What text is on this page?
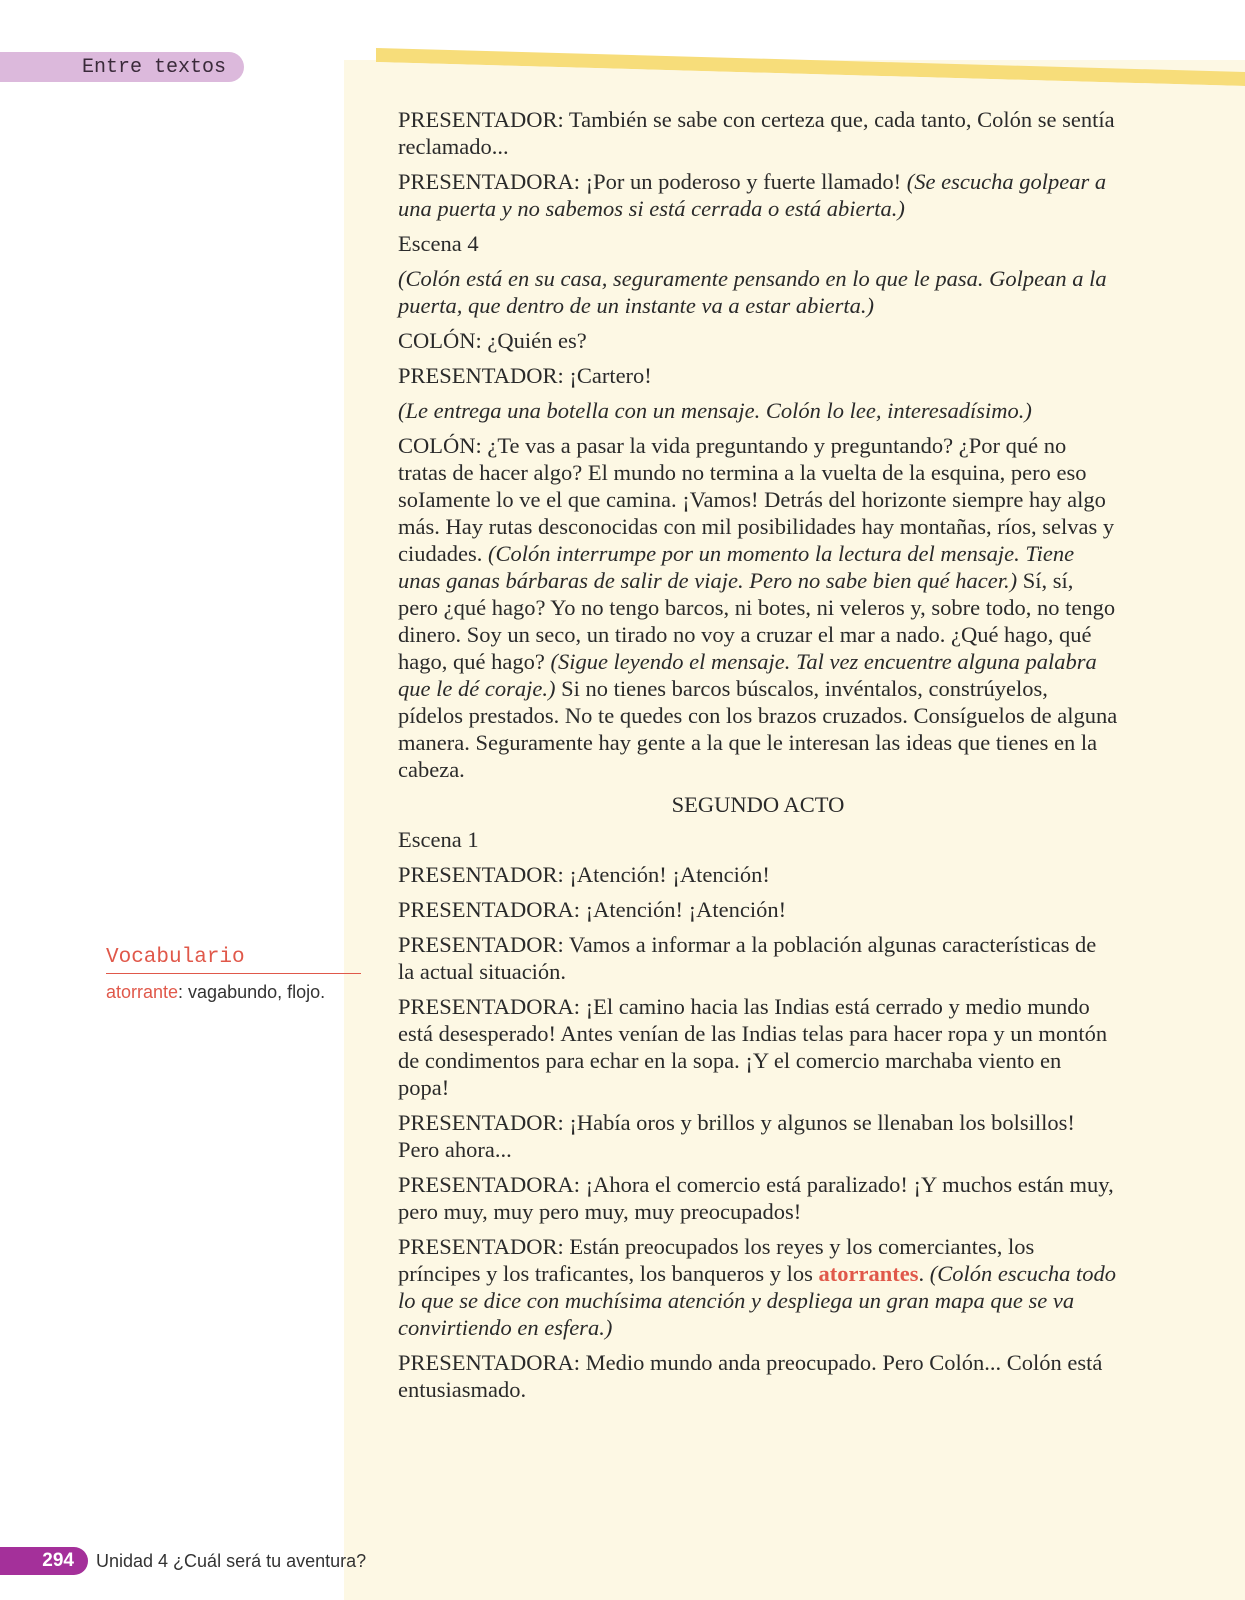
Entre textos

PRESENTADOR: También se sabe con certeza que, cada tanto, Colón se sentía reclamado...

PRESENTADORA: ¡Por un poderoso y fuerte llamado! (Se escucha golpear a una puerta y no sabemos si está cerrada o está abierta.)

Escena 4

(Colón está en su casa, seguramente pensando en lo que le pasa. Golpean a la puerta, que dentro de un instante va a estar abierta.)

COLÓN: ¿Quién es?

PRESENTADOR: ¡Cartero!

(Le entrega una botella con un mensaje. Colón lo lee, interesadísimo.)

COLÓN: ¿Te vas a pasar la vida preguntando y preguntando? ¿Por qué no tratas de hacer algo? El mundo no termina a la vuelta de la esquina, pero eso soIamente lo ve el que camina. ¡Vamos! Detrás del horizonte siempre hay algo más. Hay rutas desconocidas con mil posibilidades hay montañas, ríos, selvas y ciudades. (Colón interrumpe por un momento la lectura del mensaje. Tiene unas ganas bárbaras de salir de viaje. Pero no sabe bien qué hacer.) Sí, sí, pero ¿qué hago? Yo no tengo barcos, ni botes, ni veleros y, sobre todo, no tengo dinero. Soy un seco, un tirado no voy a cruzar el mar a nado. ¿Qué hago, qué hago, qué hago? (Sigue leyendo el mensaje. Tal vez encuentre alguna palabra que le dé coraje.) Si no tienes barcos búscalos, invéntalos, constrúyelos, pídelos prestados. No te quedes con los brazos cruzados. Consíguelos de alguna manera. Seguramente hay gente a la que le interesan las ideas que tienes en la cabeza.

SEGUNDO ACTO

Escena 1

PRESENTADOR: ¡Atención! ¡Atención!

PRESENTADORA: ¡Atención! ¡Atención!

PRESENTADOR: Vamos a informar a la población algunas características de la actual situación.

PRESENTADORA: ¡El camino hacia las Indias está cerrado y medio mundo está desesperado! Antes venían de las Indias telas para hacer ropa y un montón de condimentos para echar en la sopa. ¡Y el comercio marchaba viento en popa!

PRESENTADOR: ¡Había oros y brillos y algunos se llenaban los bolsillos! Pero ahora...

PRESENTADORA: ¡Ahora el comercio está paralizado! ¡Y muchos están muy, pero muy, muy pero muy, muy preocupados!

PRESENTADOR: Están preocupados los reyes y los comerciantes, los príncipes y los traficantes, los banqueros y los atorrantes. (Colón escucha todo lo que se dice con muchísima atención y despliega un gran mapa que se va convirtiendo en esfera.)

PRESENTADORA: Medio mundo anda preocupado. Pero Colón... Colón está entusiasmado.

Vocabulario
atorrante: vagabundo, flojo.
294	Unidad 4 ¿Cuál será tu aventura?
